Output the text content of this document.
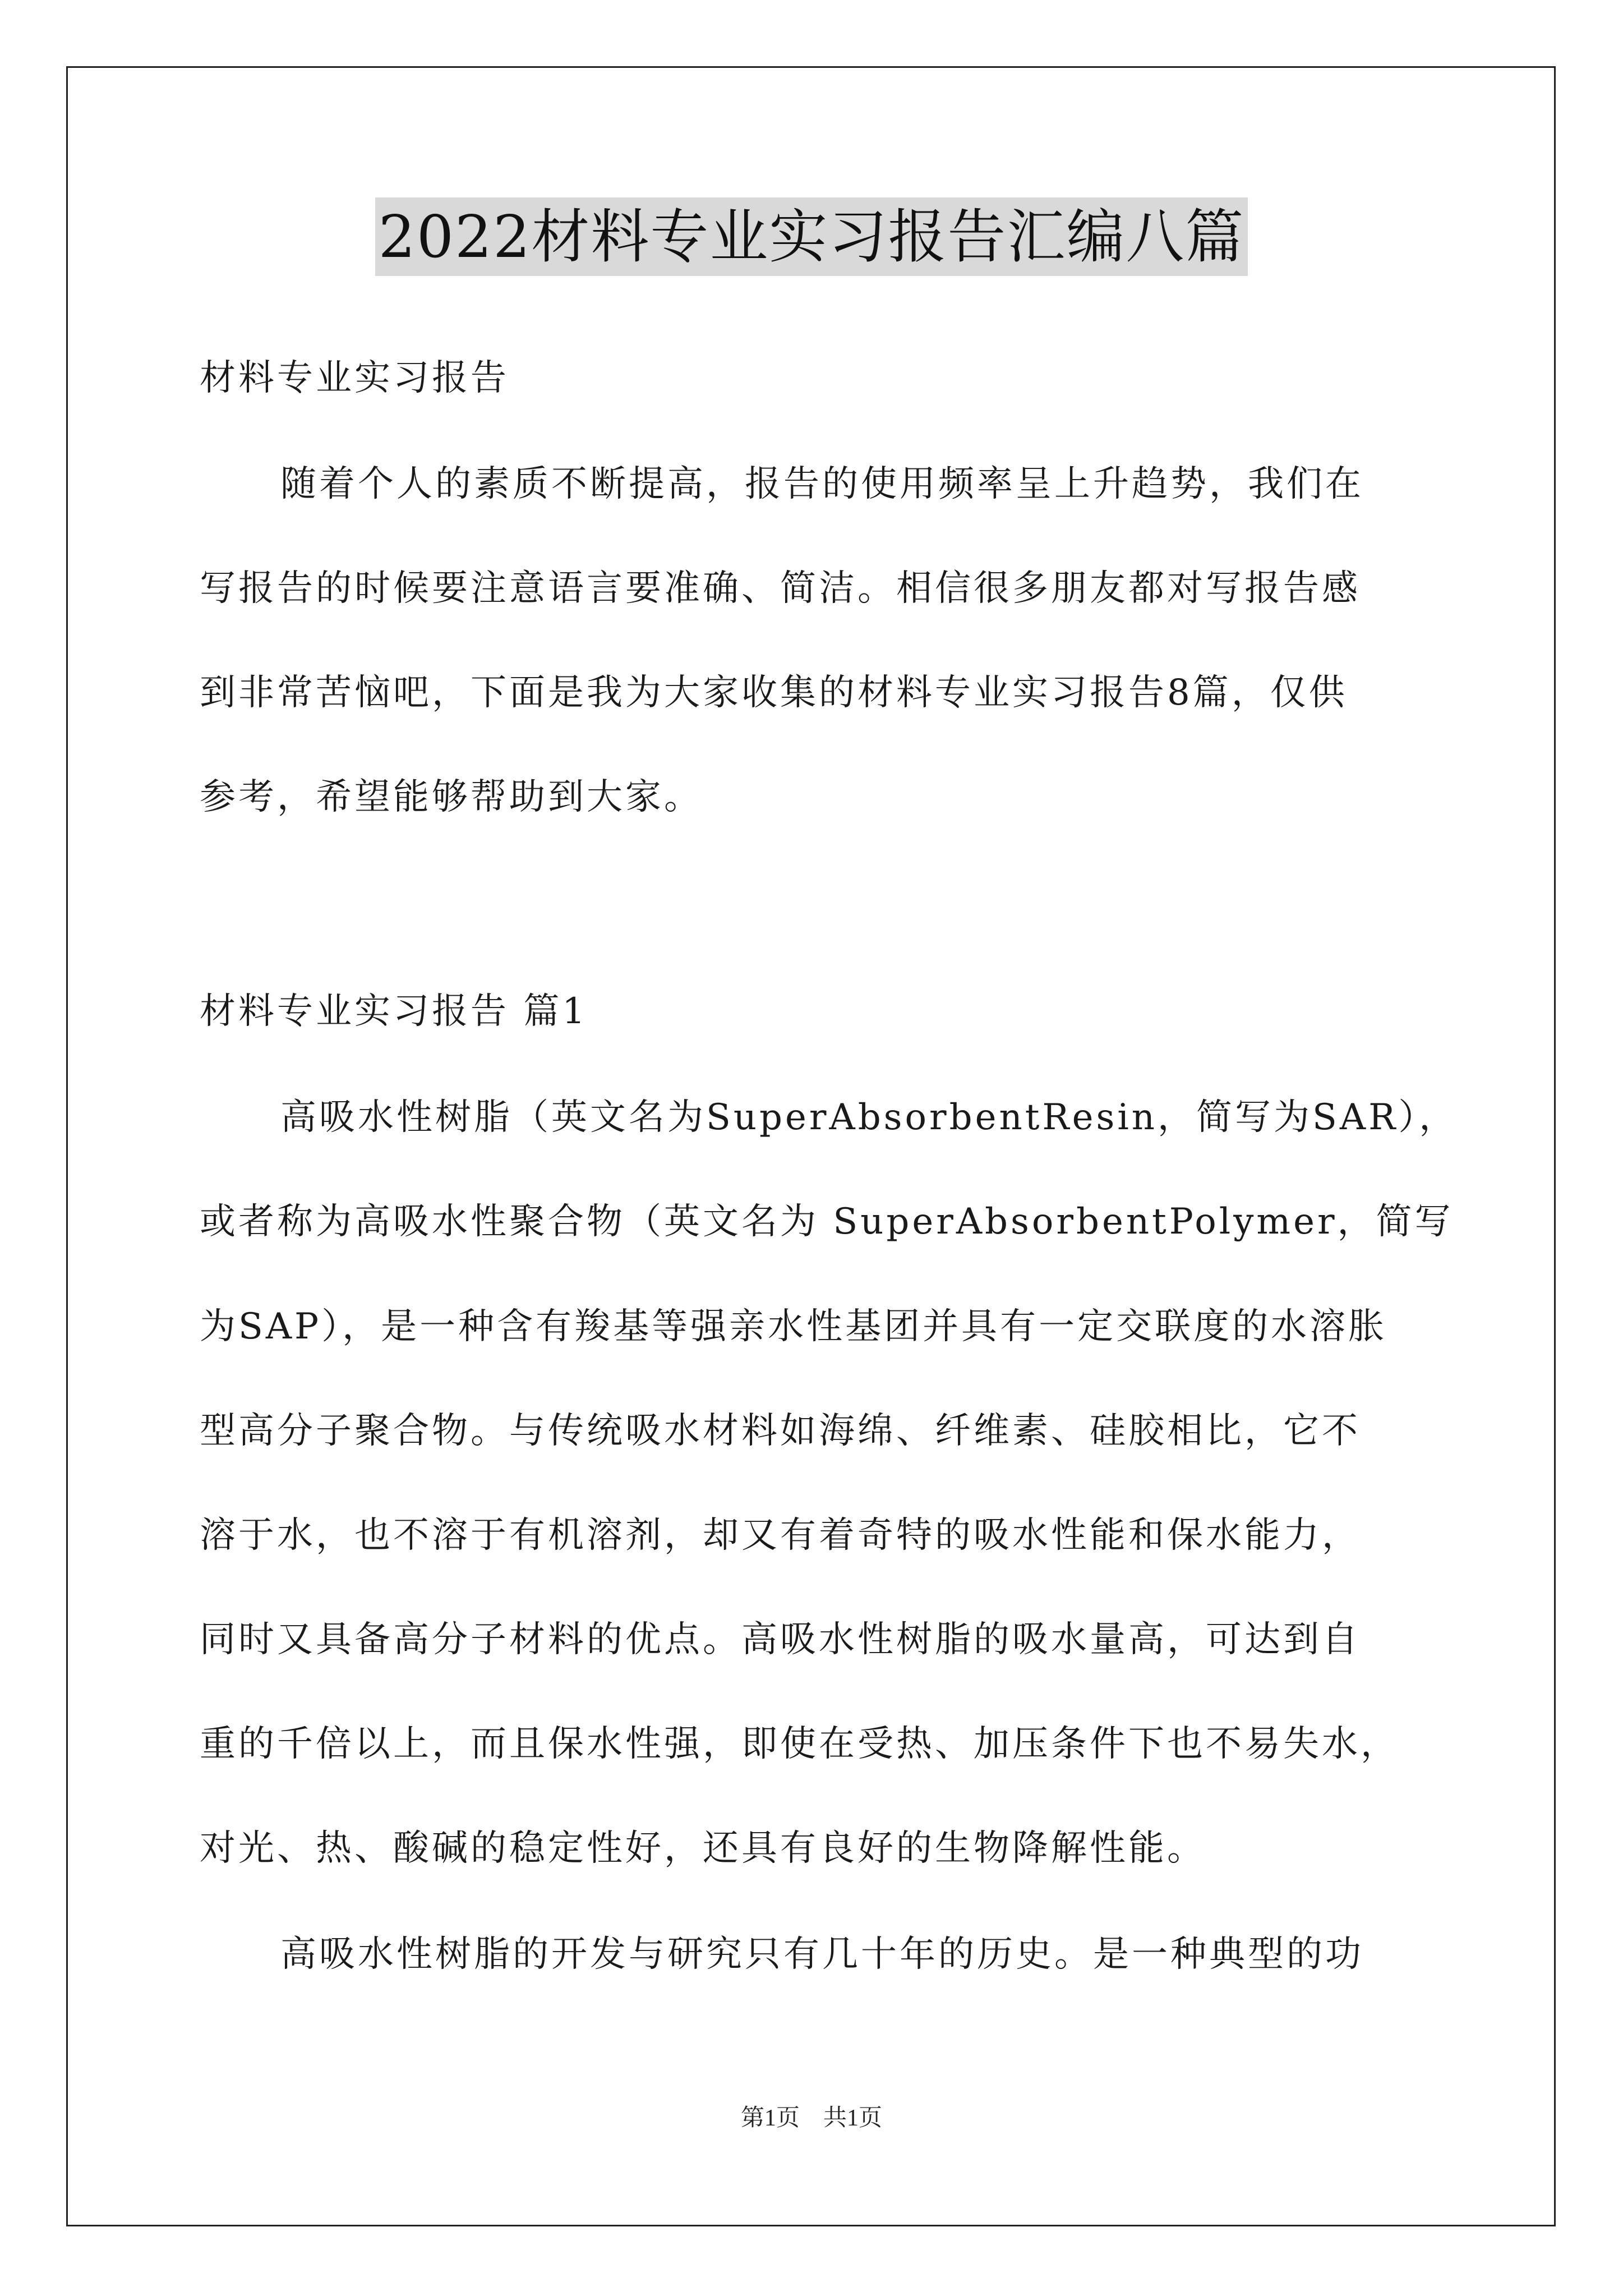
2022材料专业实习报告汇编八篇
材料专业实习报告
随着个人的素质不断提高，报告的使用频率呈上升趋势，我们在
写报告的时候要注意语言要准确、简洁。相信很多朋友都对写报告感
到非常苦恼吧，下面是我为大家收集的材料专业实习报告8篇，仅供
参考，希望能够帮助到大家。
材料专业实习报告 篇1
高吸水性树脂（英文名为SuperAbsorbentResin，简写为SAR），
或者称为高吸水性聚合物（英文名为 SuperAbsorbentPolymer，简写
为SAP），是一种含有羧基等强亲水性基团并具有一定交联度的水溶胀
型高分子聚合物。与传统吸水材料如海绵、纤维素、硅胶相比，它不
溶于水，也不溶于有机溶剂，却又有着奇特的吸水性能和保水能力，
同时又具备高分子材料的优点。高吸水性树脂的吸水量高，可达到自
重的千倍以上，而且保水性强，即使在受热、加压条件下也不易失水，
对光、热、酸碱的稳定性好，还具有良好的生物降解性能。
高吸水性树脂的开发与研究只有几十年的历史。是一种典型的功
第1页　共1页
